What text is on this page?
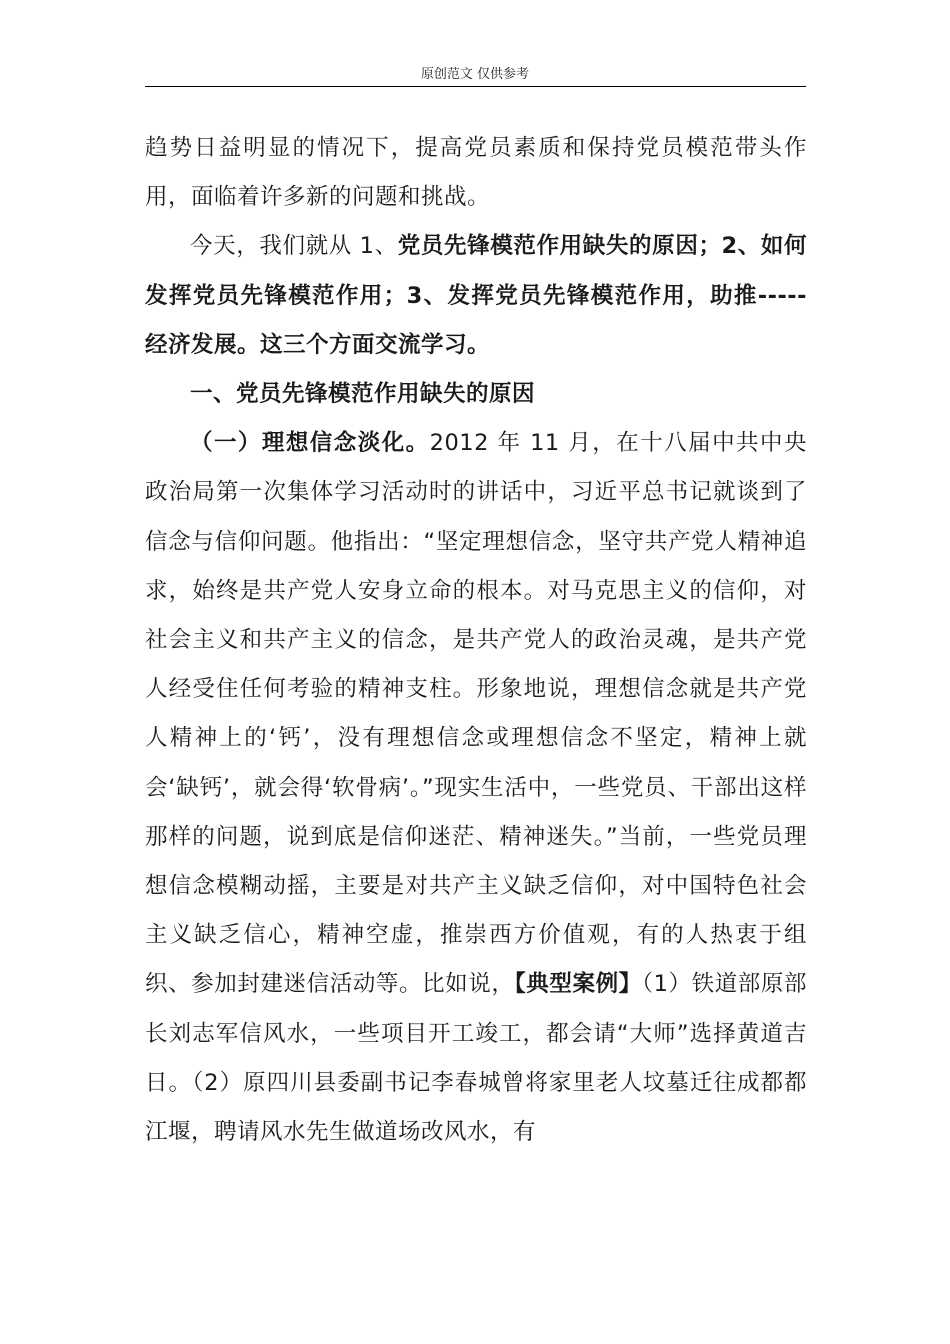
原创范文 仅供参考

趋势日益明显的情况下，提高党员素质和保持党员模范带头作用，面临着许多新的问题和挑战。

今天，我们就从 1、党员先锋模范作用缺失的原因；2、如何发挥党员先锋模范作用；3、发挥党员先锋模范作用，助推-----经济发展。这三个方面交流学习。

一、党员先锋模范作用缺失的原因

（一）理想信念淡化。2012 年 11 月，在十八届中共中央政治局第一次集体学习活动时的讲话中，习近平总书记就谈到了信念与信仰问题。他指出：“坚定理想信念，坚守共产党人精神追求，始终是共产党人安身立命的根本。对马克思主义的信仰，对社会主义和共产主义的信念，是共产党人的政治灵魂，是共产党人经受住任何考验的精神支柱。形象地说，理想信念就是共产党人精神上的‘钙’，没有理想信念或理想信念不坚定，精神上就会‘缺钙’，就会得‘软骨病’。”现实生活中，一些党员、干部出这样那样的问题，说到底是信仰迷茫、精神迷失。”当前，一些党员理想信念模糊动摇，主要是对共产主义缺乏信仰，对中国特色社会主义缺乏信心，精神空虚，推崇西方价值观，有的人热衷于组织、参加封建迷信活动等。比如说，【典型案例】（1）铁道部原部长刘志军信风水，一些项目开工竣工，都会请“大师”选择黄道吉日。（2）原四川县委副书记李春城曾将家里老人坟墓迁往成都都江堰，聘请风水先生做道场改风水，有
